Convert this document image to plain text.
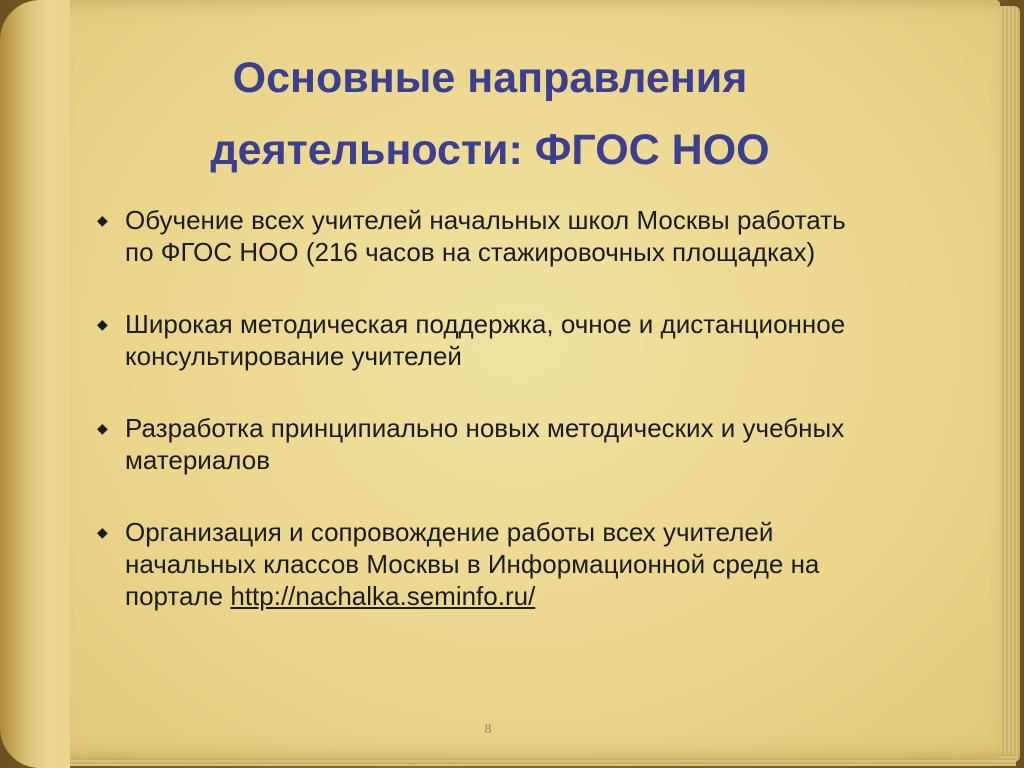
Основные направления
деятельности: ФГОС НОО
◆ Обучение всех учителей начальных школ Москвы работать по ФГОС НОО (216 часов на стажировочных площадках)
◆ Широкая методическая поддержка, очное и дистанционное консультирование учителей
◆ Разработка принципиально новых методических и учебных материалов
◆ Организация и сопровождение работы всех учителей начальных классов Москвы в Информационной среде на портале http://nachalka.seminfo.ru/
8
